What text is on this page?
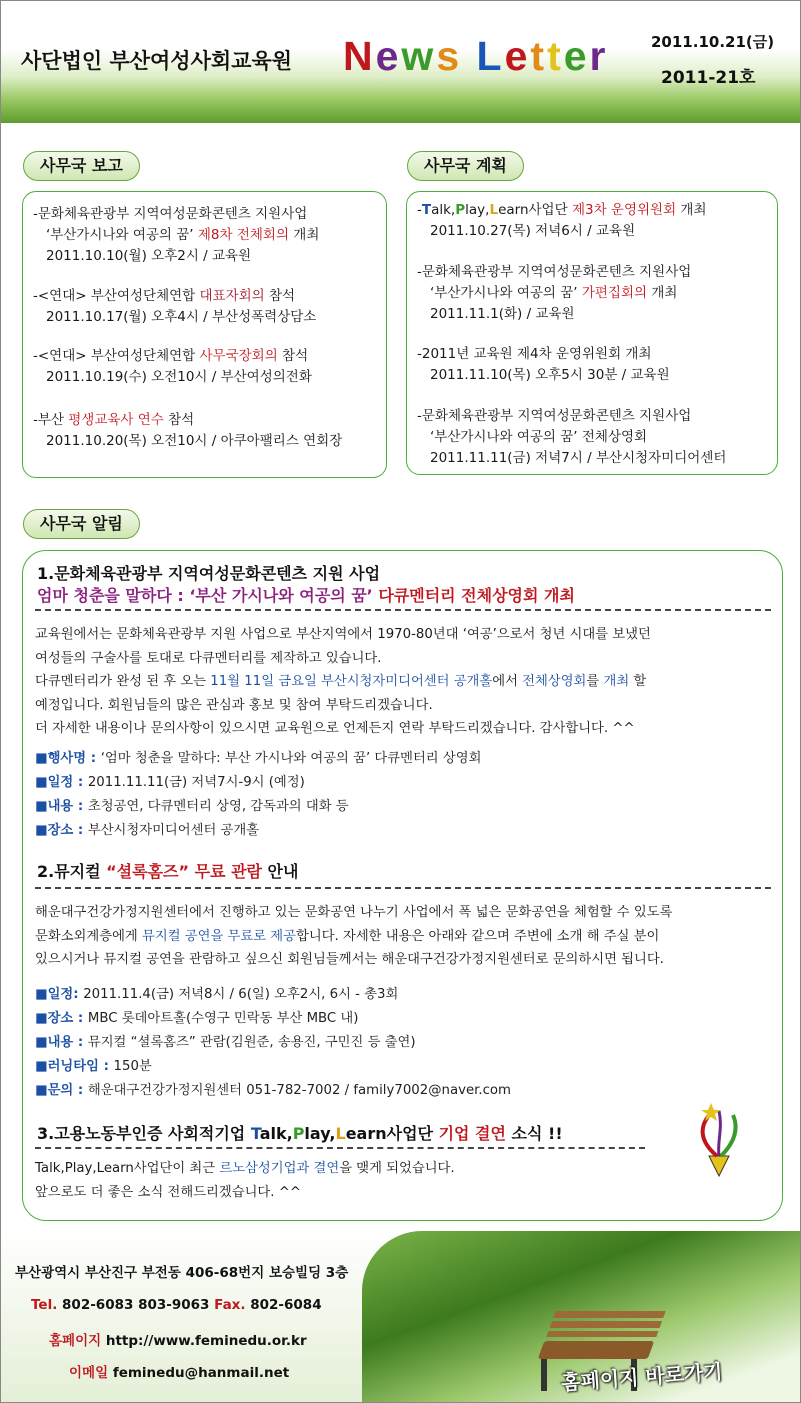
사단법인 부산여성사회교육원 News Letter	2011.10.21(금)
2011-21호
사무국 보고	사무국 계획
-문화체육관광부 지역여성문화콘텐츠 지원사업
‘부산가시나와 여공의 꿈’ 제8차 전체회의 개최
2011.10.10(월) 오후2시 / 교육원
-<연대> 부산여성단체연합 대표자회의 참석
2011.10.17(월) 오후4시 / 부산성폭력상담소
-<연대> 부산여성단체연합 사무국장회의 참석
2011.10.19(수) 오전10시 / 부산여성의전화
-부산 평생교육사 연수 참석
2011.10.20(목) 오전10시 / 아쿠아팰리스 연회장
-Talk,Play,Learn사업단 제3차 운영위원회 개최
2011.10.27(목) 저녁6시 / 교육원
-문화체육관광부 지역여성문화콘텐츠 지원사업
‘부산가시나와 여공의 꿈’ 가편집회의 개최
2011.11.1(화) / 교육원
-2011년 교육원 제4차 운영위원회 개최
2011.11.10(목) 오후5시 30분 / 교육원
-문화체육관광부 지역여성문화콘텐츠 지원사업
‘부산가시나와 여공의 꿈’ 전체상영회
2011.11.11(금) 저녁7시 / 부산시청자미디어센터
사무국 알림
1.문화체육관광부 지역여성문화콘텐츠 지원 사업
엄마 청춘을 말하다 : ‘부산 가시나와 여공의 꿈’ 다큐멘터리 전체상영회 개최
교육원에서는 문화체육관광부 지원 사업으로 부산지역에서 1970-80년대 ‘여공’으로서 청년 시대를 보냈던
여성들의 구술사를 토대로 다큐멘터리를 제작하고 있습니다.
다큐멘터리가 완성 된 후 오는 11월 11일 금요일 부산시청자미디어센터 공개홀에서 전체상영회를 개최 할
예정입니다. 회원님들의 많은 관심과 홍보 및 참여 부탁드리겠습니다.
더 자세한 내용이나 문의사항이 있으시면 교육원으로 언제든지 연락 부탁드리겠습니다. 감사합니다. ^^
■행사명 : ‘엄마 청춘을 말하다: 부산 가시나와 여공의 꿈’ 다큐멘터리 상영회
■일정 : 2011.11.11(금) 저녁7시-9시 (예정)
■내용 : 초청공연, 다큐멘터리 상영, 감독과의 대화 등
■장소 : 부산시청자미디어센터 공개홀
2.뮤지컬 “셜록홈즈” 무료 관람 안내
해운대구건강가정지원센터에서 진행하고 있는 문화공연 나누기 사업에서 폭 넓은 문화공연을 체험할 수 있도록
문화소외계층에게 뮤지컬 공연을 무료로 제공합니다. 자세한 내용은 아래와 같으며 주변에 소개 해 주실 분이
있으시거나 뮤지컬 공연을 관람하고 싶으신 회원님들께서는 해운대구건강가정지원센터로 문의하시면 됩니다.
■일정: 2011.11.4(금) 저녁8시 / 6(일) 오후2시, 6시 - 총3회
■장소 : MBC 롯데아트홀(수영구 민락동 부산 MBC 내)
■내용 : 뮤지컬 “셜록홈즈” 관람(김원준, 송용진, 구민진 등 출연)
■러닝타임 : 150분
■문의 : 해운대구건강가정지원센터 051-782-7002 / family7002@naver.com
3.고용노동부인증 사회적기업 Talk,Play,Learn사업단 기업 결연 소식 !!
Talk,Play,Learn사업단이 최근 르노삼성기업과 결연을 맺게 되었습니다.
앞으로도 더 좋은 소식 전해드리겠습니다. ^^
부산광역시 부산진구 부전동 406-68번지 보승빌딩 3층
Tel. 802-6083 803-9063 Fax. 802-6084
홈페이지 http://www.feminedu.or.kr
이메일 feminedu@hanmail.net	홈페이지 바로가기
